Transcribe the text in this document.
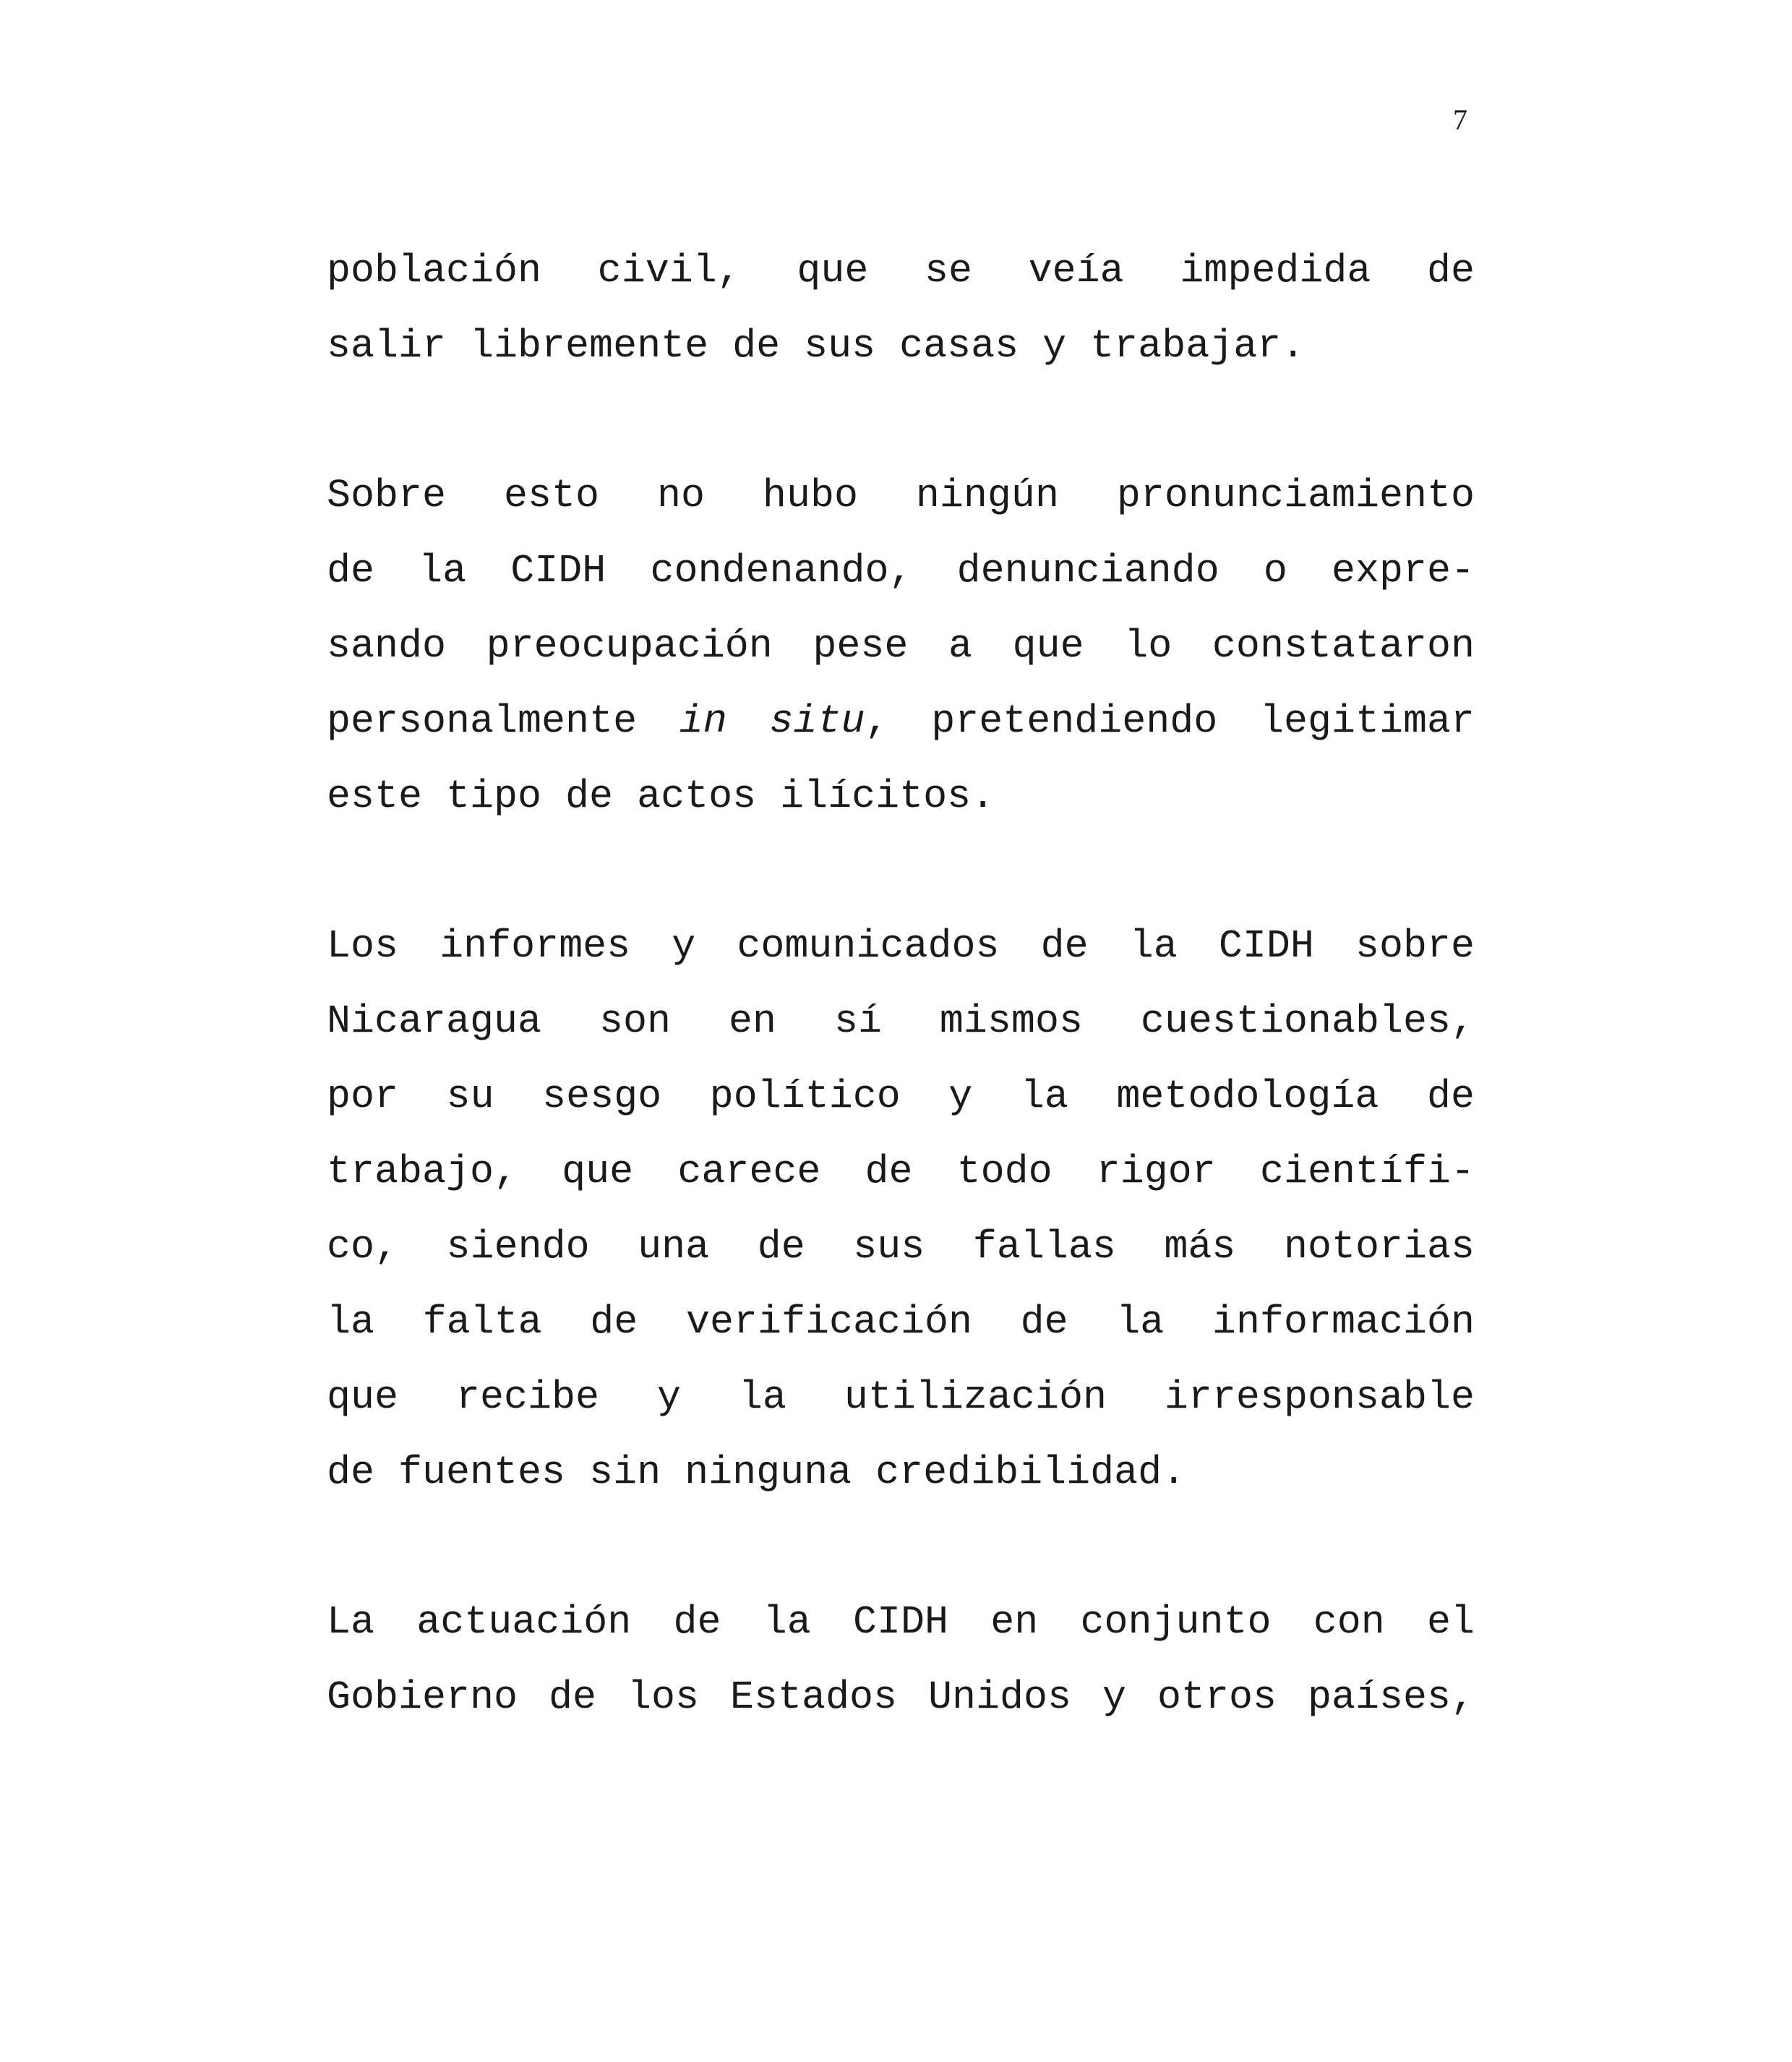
7
población civil, que se veía impedida de
salir libremente de sus casas y trabajar.
Sobre esto no hubo ningún pronunciamiento
de la CIDH condenando, denunciando o expre-
sando preocupación pese a que lo constataron
personalmente in situ, pretendiendo legitimar
este tipo de actos ilícitos.
Los informes y comunicados de la CIDH sobre
Nicaragua son en sí mismos cuestionables,
por su sesgo político y la metodología de
trabajo, que carece de todo rigor científi-
co, siendo una de sus fallas más notorias
la falta de verificación de la información
que recibe y la utilización irresponsable
de fuentes sin ninguna credibilidad.
La actuación de la CIDH en conjunto con el
Gobierno de los Estados Unidos y otros países,
